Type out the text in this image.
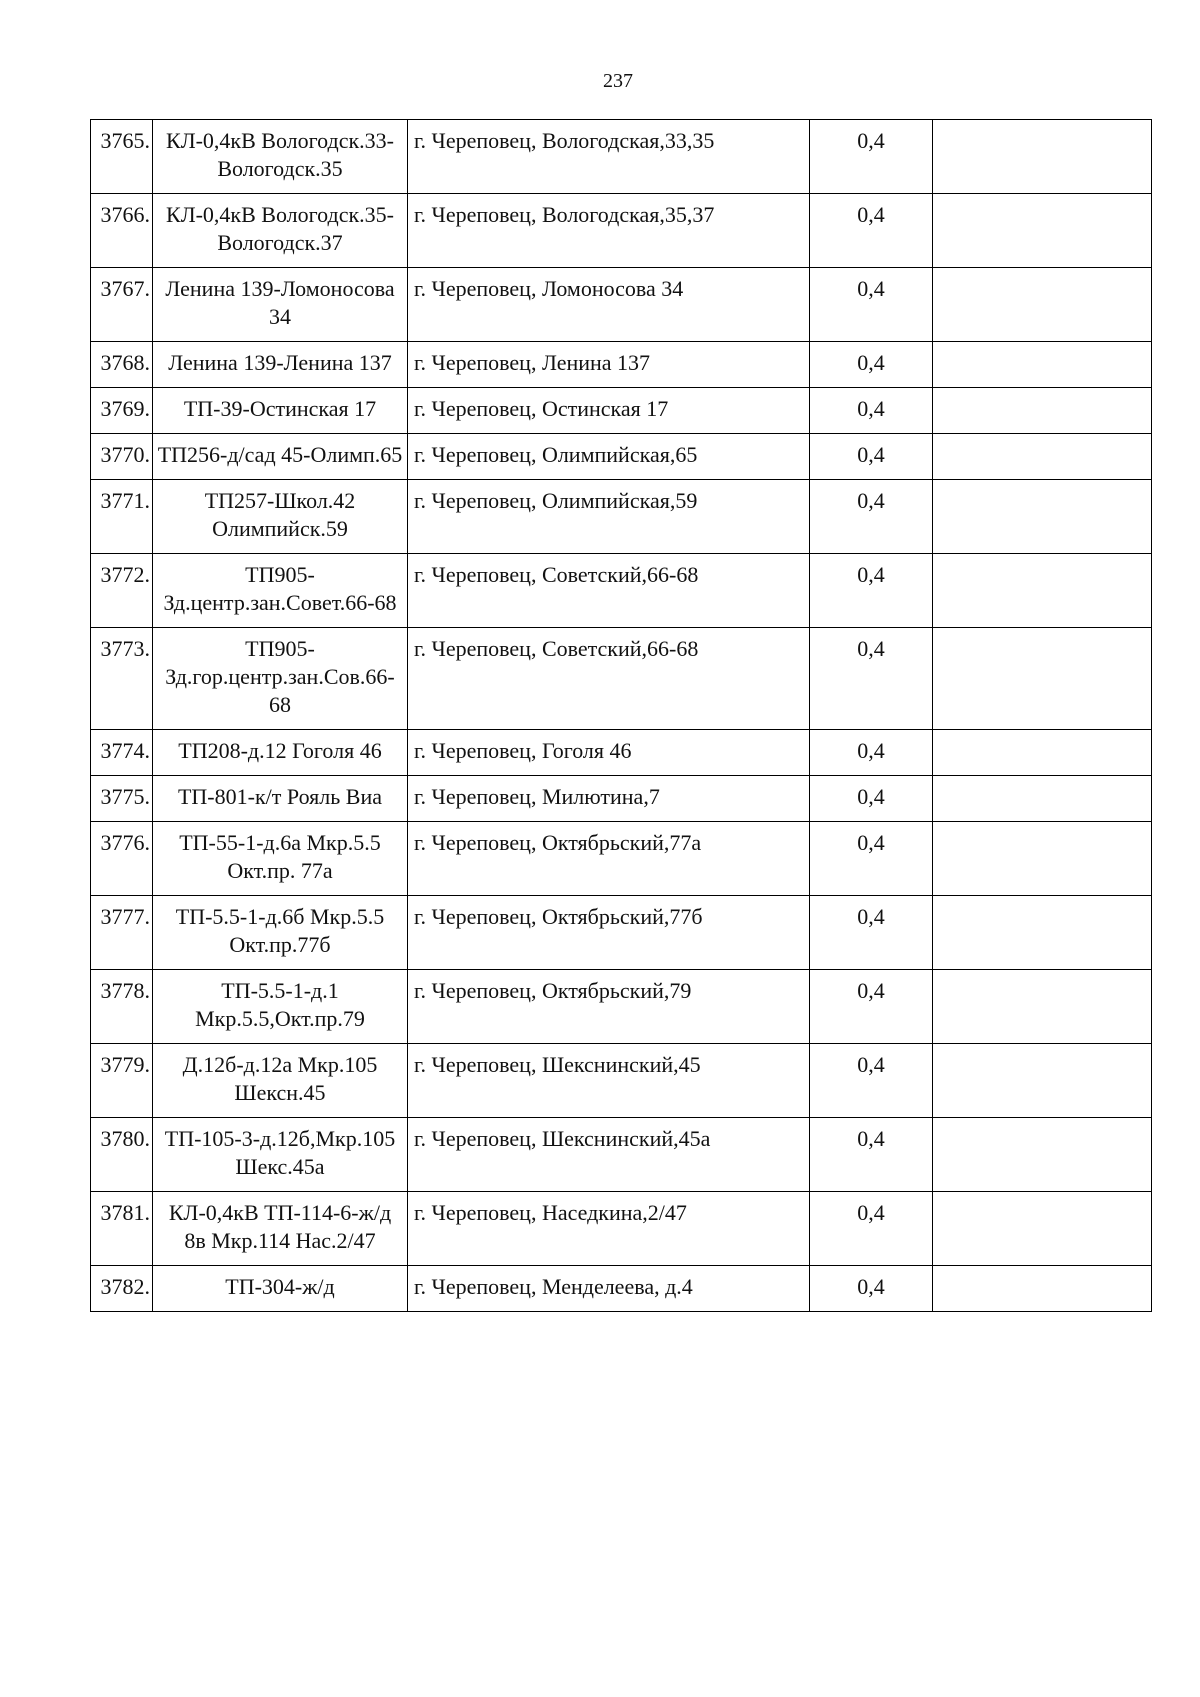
237
3765.	КЛ-0,4кВ Вологодск.33-Вологодск.35	г. Череповец, Вологодская,33,35	0,4	
3766.	КЛ-0,4кВ Вологодск.35-Вологодск.37	г. Череповец, Вологодская,35,37	0,4	
3767.	Ленина 139-Ломоносова 34	г. Череповец, Ломоносова 34	0,4	
3768.	Ленина 139-Ленина 137	г. Череповец, Ленина 137	0,4	
3769.	ТП-39-Остинская 17	г. Череповец, Остинская 17	0,4	
3770.	ТП256-д/сад 45-Олимп.65	г. Череповец, Олимпийская,65	0,4	
3771.	ТП257-Школ.42 Олимпийск.59	г. Череповец, Олимпийская,59	0,4	
3772.	ТП905-Зд.центр.зан.Совет.66-68	г. Череповец, Советский,66-68	0,4	
3773.	ТП905-Зд.гор.центр.зан.Сов.66-68	г. Череповец, Советский,66-68	0,4	
3774.	ТП208-д.12 Гоголя 46	г. Череповец, Гоголя 46	0,4	
3775.	ТП-801-к/т Рояль Виа	г. Череповец, Милютина,7	0,4	
3776.	ТП-55-1-д.6а Мкр.5.5 Окт.пр. 77а	г. Череповец, Октябрьский,77а	0,4	
3777.	ТП-5.5-1-д.6б Мкр.5.5 Окт.пр.77б	г. Череповец, Октябрьский,77б	0,4	
3778.	ТП-5.5-1-д.1 Мкр.5.5,Окт.пр.79	г. Череповец, Октябрьский,79	0,4	
3779.	Д.12б-д.12а Мкр.105 Шексн.45	г. Череповец, Шекснинский,45	0,4	
3780.	ТП-105-3-д.12б,Мкр.105 Шекс.45а	г. Череповец, Шекснинский,45а	0,4	
3781.	КЛ-0,4кВ ТП-114-6-ж/д 8в Мкр.114 Нас.2/47	г. Череповец, Наседкина,2/47	0,4	
3782.	ТП-304-ж/д	г. Череповец, Менделеева, д.4	0,4	
